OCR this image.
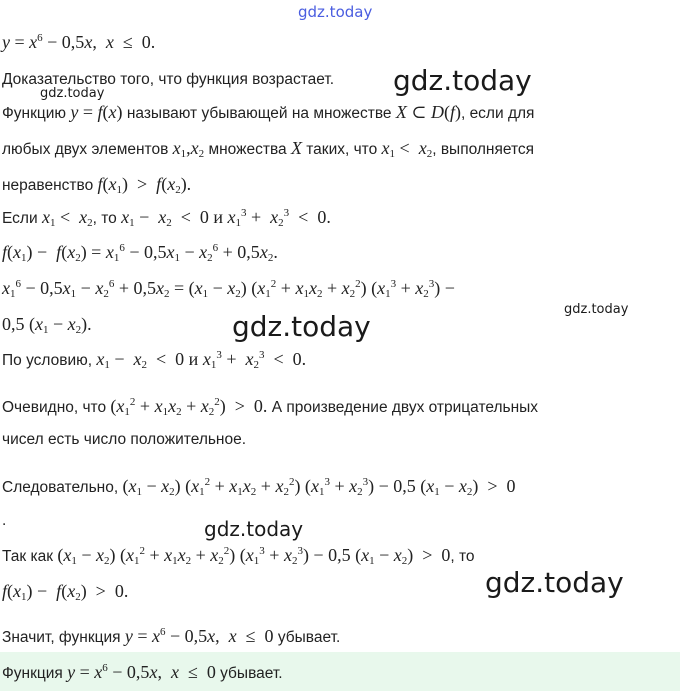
gdz.today
gdz.today
gdz.today
gdz.today
gdz.today
gdz.today
gdz.today
$y = x^6 - 0,5x$,  x  ≤  0.
Доказательство того, что функция возрастает.
Функцию y = f(x) называют убывающей на множестве X ⊂ D(f), если для
любых двух элементов $x_1,x_2$ множества X таких, что $x_1 < x_2$, выполняется
неравенство $f(x_1) > f(x_2)$.
Если $x_1 < x_2$, то $x_1 - x_2 < 0$ и $x_1^3 + x_2^3 < 0$.
$f(x_1) - f(x_2) = x_1^6 - 0,5x_1 - x_2^6 + 0,5x_2$.
$x_1^6 - 0,5x_1 - x_2^6 + 0,5x_2 = (x_1 - x_2) (x_1^2 + x_1x_2 + x_2^2) (x_1^3 + x_2^3)$ −
0,5 $(x_1 - x_2)$.
По условию, $x_1 - x_2 < 0$ и $x_1^3 + x_2^3 < 0$.
Очевидно, что $(x_1^2 + x_1x_2 + x_2^2) > 0$. А произведение двух отрицательных
чисел есть число положительное.
Следовательно, $(x_1 - x_2) (x_1^2 + x_1x_2 + x_2^2) (x_1^3 + x_2^3) - 0,5$ $(x_1 - x_2) > 0$
.
Так как $(x_1 - x_2) (x_1^2 + x_1x_2 + x_2^2) (x_1^3 + x_2^3) - 0,5$ $(x_1 - x_2) > 0$, то
$f(x_1) - f(x_2) > 0$.
Значит, функция $y = x^6 - 0,5x$,  x  ≤  0 убывает.
Функция $y = x^6 - 0,5x$,  x  ≤  0 убывает.
